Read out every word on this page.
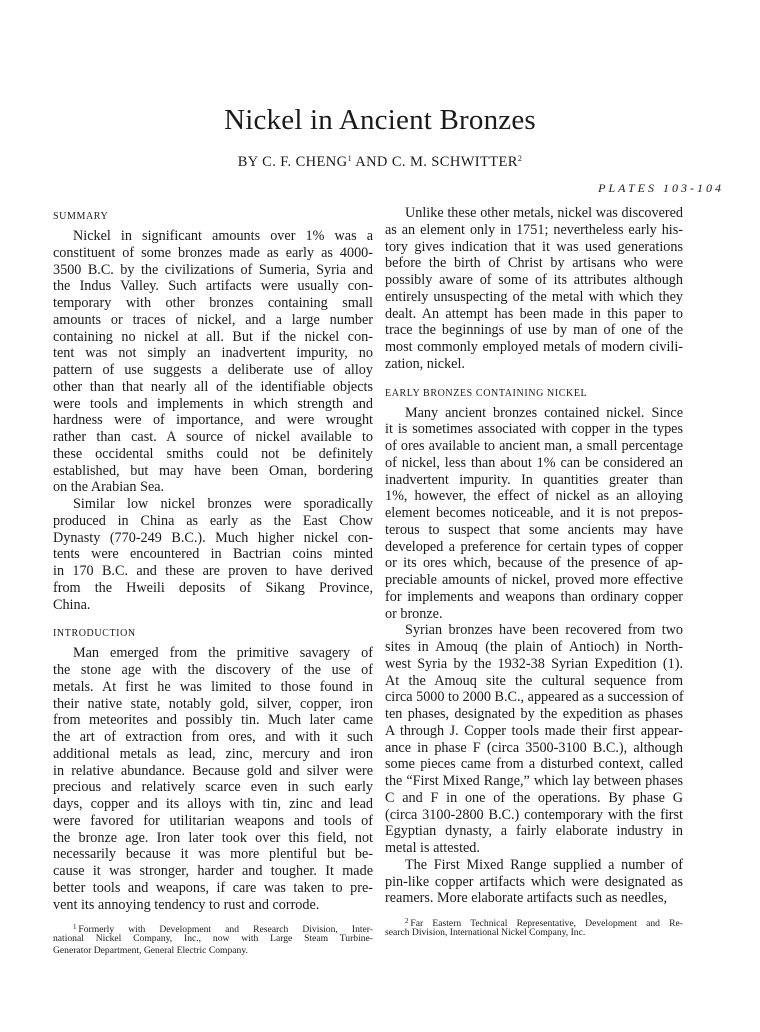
Nickel in Ancient Bronzes
BY C. F. CHENG$^1$ AND C. M. SCHWITTER$^2$
PLATES 103-104
SUMMARY
Nickel in significant amounts over 1% was a
constituent of some bronzes made as early as 4000-
3500 B.C. by the civilizations of Sumeria, Syria and
the Indus Valley. Such artifacts were usually con-
temporary with other bronzes containing small
amounts or traces of nickel, and a large number
containing no nickel at all. But if the nickel con-
tent was not simply an inadvertent impurity, no
pattern of use suggests a deliberate use of alloy
other than that nearly all of the identifiable objects
were tools and implements in which strength and
hardness were of importance, and were wrought
rather than cast. A source of nickel available to
these occidental smiths could not be definitely
established, but may have been Oman, bordering
on the Arabian Sea.
Similar low nickel bronzes were sporadically
produced in China as early as the East Chow
Dynasty (770-249 B.C.). Much higher nickel con-
tents were encountered in Bactrian coins minted
in 170 B.C. and these are proven to have derived
from the Hweili deposits of Sikang Province,
China.
INTRODUCTION
Man emerged from the primitive savagery of
the stone age with the discovery of the use of
metals. At first he was limited to those found in
their native state, notably gold, silver, copper, iron
from meteorites and possibly tin. Much later came
the art of extraction from ores, and with it such
additional metals as lead, zinc, mercury and iron
in relative abundance. Because gold and silver were
precious and relatively scarce even in such early
days, copper and its alloys with tin, zinc and lead
were favored for utilitarian weapons and tools of
the bronze age. Iron later took over this field, not
necessarily because it was more plentiful but be-
cause it was stronger, harder and tougher. It made
better tools and weapons, if care was taken to pre-
vent its annoying tendency to rust and corrode.
$^1$ Formerly with Development and Research Division, Inter-
national Nickel Company, Inc., now with Large Steam Turbine-
Generator Department, General Electric Company.
Unlike these other metals, nickel was discovered
as an element only in 1751; nevertheless early his-
tory gives indication that it was used generations
before the birth of Christ by artisans who were
possibly aware of some of its attributes although
entirely unsuspecting of the metal with which they
dealt. An attempt has been made in this paper to
trace the beginnings of use by man of one of the
most commonly employed metals of modern civili-
zation, nickel.
EARLY BRONZES CONTAINING NICKEL
Many ancient bronzes contained nickel. Since
it is sometimes associated with copper in the types
of ores available to ancient man, a small percentage
of nickel, less than about 1% can be considered an
inadvertent impurity. In quantities greater than
1%, however, the effect of nickel as an alloying
element becomes noticeable, and it is not prepos-
terous to suspect that some ancients may have
developed a preference for certain types of copper
or its ores which, because of the presence of ap-
preciable amounts of nickel, proved more effective
for implements and weapons than ordinary copper
or bronze.
Syrian bronzes have been recovered from two
sites in Amouq (the plain of Antioch) in North-
west Syria by the 1932-38 Syrian Expedition (1).
At the Amouq site the cultural sequence from
circa 5000 to 2000 B.C., appeared as a succession of
ten phases, designated by the expedition as phases
A through J. Copper tools made their first appear-
ance in phase F (circa 3500-3100 B.C.), although
some pieces came from a disturbed context, called
the “First Mixed Range,” which lay between phases
C and F in one of the operations. By phase G
(circa 3100-2800 B.C.) contemporary with the first
Egyptian dynasty, a fairly elaborate industry in
metal is attested.
The First Mixed Range supplied a number of
pin-like copper artifacts which were designated as
reamers. More elaborate artifacts such as needles,
$^2$ Far Eastern Technical Representative, Development and Re-
search Division, International Nickel Company, Inc.
